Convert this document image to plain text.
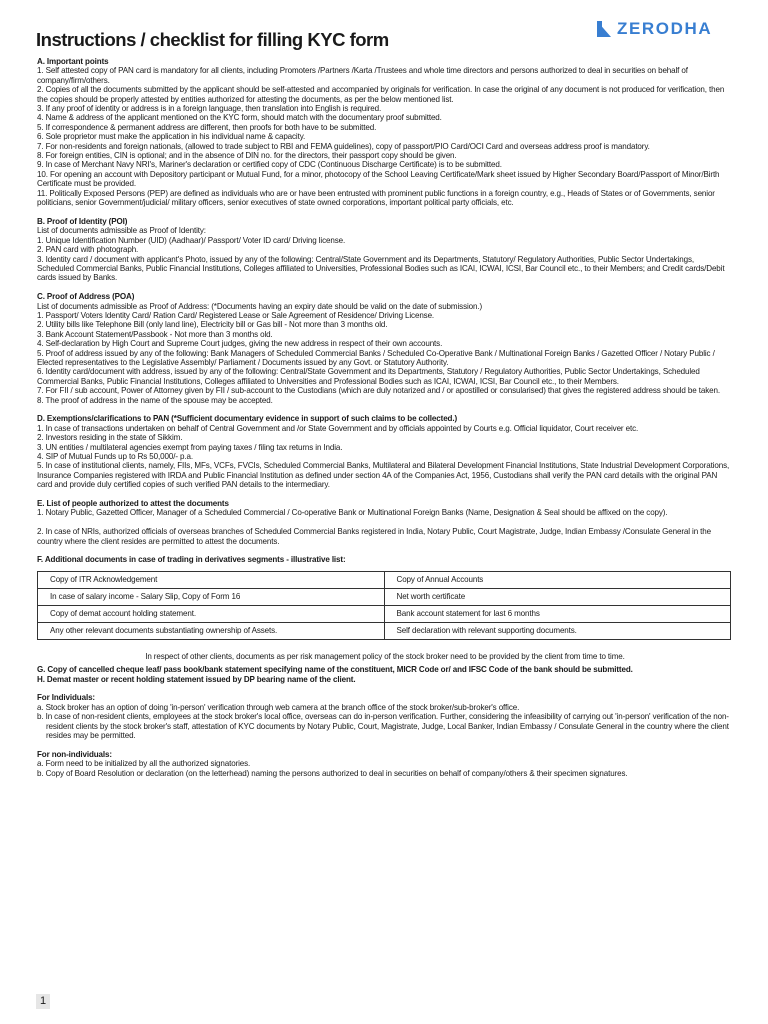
ZERODHA
Instructions / checklist for filling KYC form
A. Important points
1. Self attested copy of PAN card is mandatory for all clients, including Promoters /Partners /Karta /Trustees and whole time directors and persons authorized to deal in securities on behalf of company/firm/others.
2. Copies of all the documents submitted by the applicant should be self-attested and accompanied by originals for verification. In case the original of any document is not produced for verification, then the copies should be properly attested by entities authorized for attesting the documents, as per the below mentioned list.
3. If any proof of identity or address is in a foreign language, then translation into English is required.
4. Name & address of the applicant mentioned on the KYC form, should match with the documentary proof submitted.
5. If correspondence & permanent address are different, then proofs for both have to be submitted.
6. Sole proprietor must make the application in his individual name & capacity.
7. For non-residents and foreign nationals, (allowed to trade subject to RBI and FEMA guidelines), copy of passport/PIO Card/OCI Card and overseas address proof is mandatory.
8. For foreign entities, CIN is optional; and in the absence of DIN no. for the directors, their passport copy should be given.
9. In case of Merchant Navy NRI's, Mariner's declaration or certified copy of CDC (Continuous Discharge Certificate) is to be submitted.
10. For opening an account with Depository participant or Mutual Fund, for a minor, photocopy of the School Leaving Certificate/Mark sheet issued by Higher Secondary Board/Passport of Minor/Birth Certificate must be provided.
11. Politically Exposed Persons (PEP) are defined as individuals who are or have been entrusted with prominent public functions in a foreign country, e.g., Heads of States or of Governments, senior politicians, senior Government/judicial/ military officers, senior executives of state owned corporations, important political party officials, etc.
B. Proof of Identity (POI)
List of documents admissible as Proof of Identity:
1. Unique Identification Number (UID) (Aadhaar)/ Passport/ Voter ID card/ Driving license.
2. PAN card with photograph.
3. Identity card / document with applicant's Photo, issued by any of the following: Central/State Government and its Departments, Statutory/ Regulatory Authorities, Public Sector Undertakings, Scheduled Commercial Banks, Public Financial Institutions, Colleges affiliated to Universities, Professional Bodies such as ICAI, ICWAI, ICSI, Bar Council etc., to their Members; and Credit cards/Debit cards issued by Banks.
C. Proof of Address (POA)
List of documents admissible as Proof of Address: (*Documents having an expiry date should be valid on the date of submission.)
1. Passport/ Voters Identity Card/ Ration Card/ Registered Lease or Sale Agreement of Residence/ Driving License.
2. Utility bills like Telephone Bill (only land line), Electricity bill or Gas bill - Not more than 3 months old.
3. Bank Account Statement/Passbook - Not more than 3 months old.
4. Self-declaration by High Court and Supreme Court judges, giving the new address in respect of their own accounts.
5. Proof of address issued by any of the following: Bank Managers of Scheduled Commercial Banks / Scheduled Co-Operative Bank / Multinational Foreign Banks / Gazetted Officer / Notary Public / Elected representatives to the Legislative Assembly/ Parliament / Documents issued by any Govt. or Statutory Authority.
6. Identity card/document with address, issued by any of the following: Central/State Government and its Departments, Statutory / Regulatory Authorities, Public Sector Undertakings, Scheduled Commercial Banks, Public Financial Institutions, Colleges affiliated to Universities and Professional Bodies such as ICAI, ICWAI, ICSI, Bar Council etc., to their Members.
7. For FII / sub account, Power of Attorney given by FII / sub-account to the Custodians (which are duly notarized and / or apostilled or consularised) that gives the registered address should be taken.
8. The proof of address in the name of the spouse may be accepted.
D. Exemptions/clarifications to PAN (*Sufficient documentary evidence in support of such claims to be collected.)
1. In case of transactions undertaken on behalf of Central Government and /or State Government and by officials appointed by Courts e.g. Official liquidator, Court receiver etc.
2. Investors residing in the state of Sikkim.
3. UN entities / multilateral agencies exempt from paying taxes / filing tax returns in India.
4. SIP of Mutual Funds up to Rs 50,000/- p.a.
5. In case of institutional clients, namely, FIIs, MFs, VCFs, FVCIs, Scheduled Commercial Banks, Multilateral and Bilateral Development Financial Institutions, State Industrial Development Corporations, Insurance Companies registered with IRDA and Public Financial Institution as defined under section 4A of the Companies Act, 1956, Custodians shall verify the PAN card details with the original PAN card and provide duly certified copies of such verified PAN details to the intermediary.
E. List of people authorized to attest the documents
1. Notary Public, Gazetted Officer, Manager of a Scheduled Commercial / Co-operative Bank or Multinational Foreign Banks (Name, Designation & Seal should be affixed on the copy).
2. In case of NRIs, authorized officials of overseas branches of Scheduled Commercial Banks registered in India, Notary Public, Court Magistrate, Judge, Indian Embassy /Consulate General in the country where the client resides are permitted to attest the documents.
F. Additional documents in case of trading in derivatives segments - illustrative list:
Copy of ITR Acknowledgement	Copy of Annual Accounts
In case of salary income - Salary Slip, Copy of Form 16	Net worth certificate
Copy of demat account holding statement.	Bank account statement for last 6 months
Any other relevant documents substantiating ownership of Assets.	Self declaration with relevant supporting documents.
In respect of other clients, documents as per risk management policy of the stock broker need to be provided by the client from time to time.
G. Copy of cancelled cheque leaf/ pass book/bank statement specifying name of the constituent, MICR Code or/ and IFSC Code of the bank should be submitted.
H. Demat master or recent holding statement issued by DP bearing name of the client.
For Individuals:
a. Stock broker has an option of doing 'in-person' verification through web camera at the branch office of the stock broker/sub-broker's office.
b. In case of non-resident clients, employees at the stock broker's local office, overseas can do in-person verification. Further, considering the infeasibility of carrying out 'in-person' verification of the non-resident clients by the stock broker's staff, attestation of KYC documents by Notary Public, Court, Magistrate, Judge, Local Banker, Indian Embassy / Consulate General in the country where the client resides may be permitted.
For non-individuals:
a. Form need to be initialized by all the authorized signatories.
b. Copy of Board Resolution or declaration (on the letterhead) naming the persons authorized to deal in securities on behalf of company/others & their specimen signatures.
1
